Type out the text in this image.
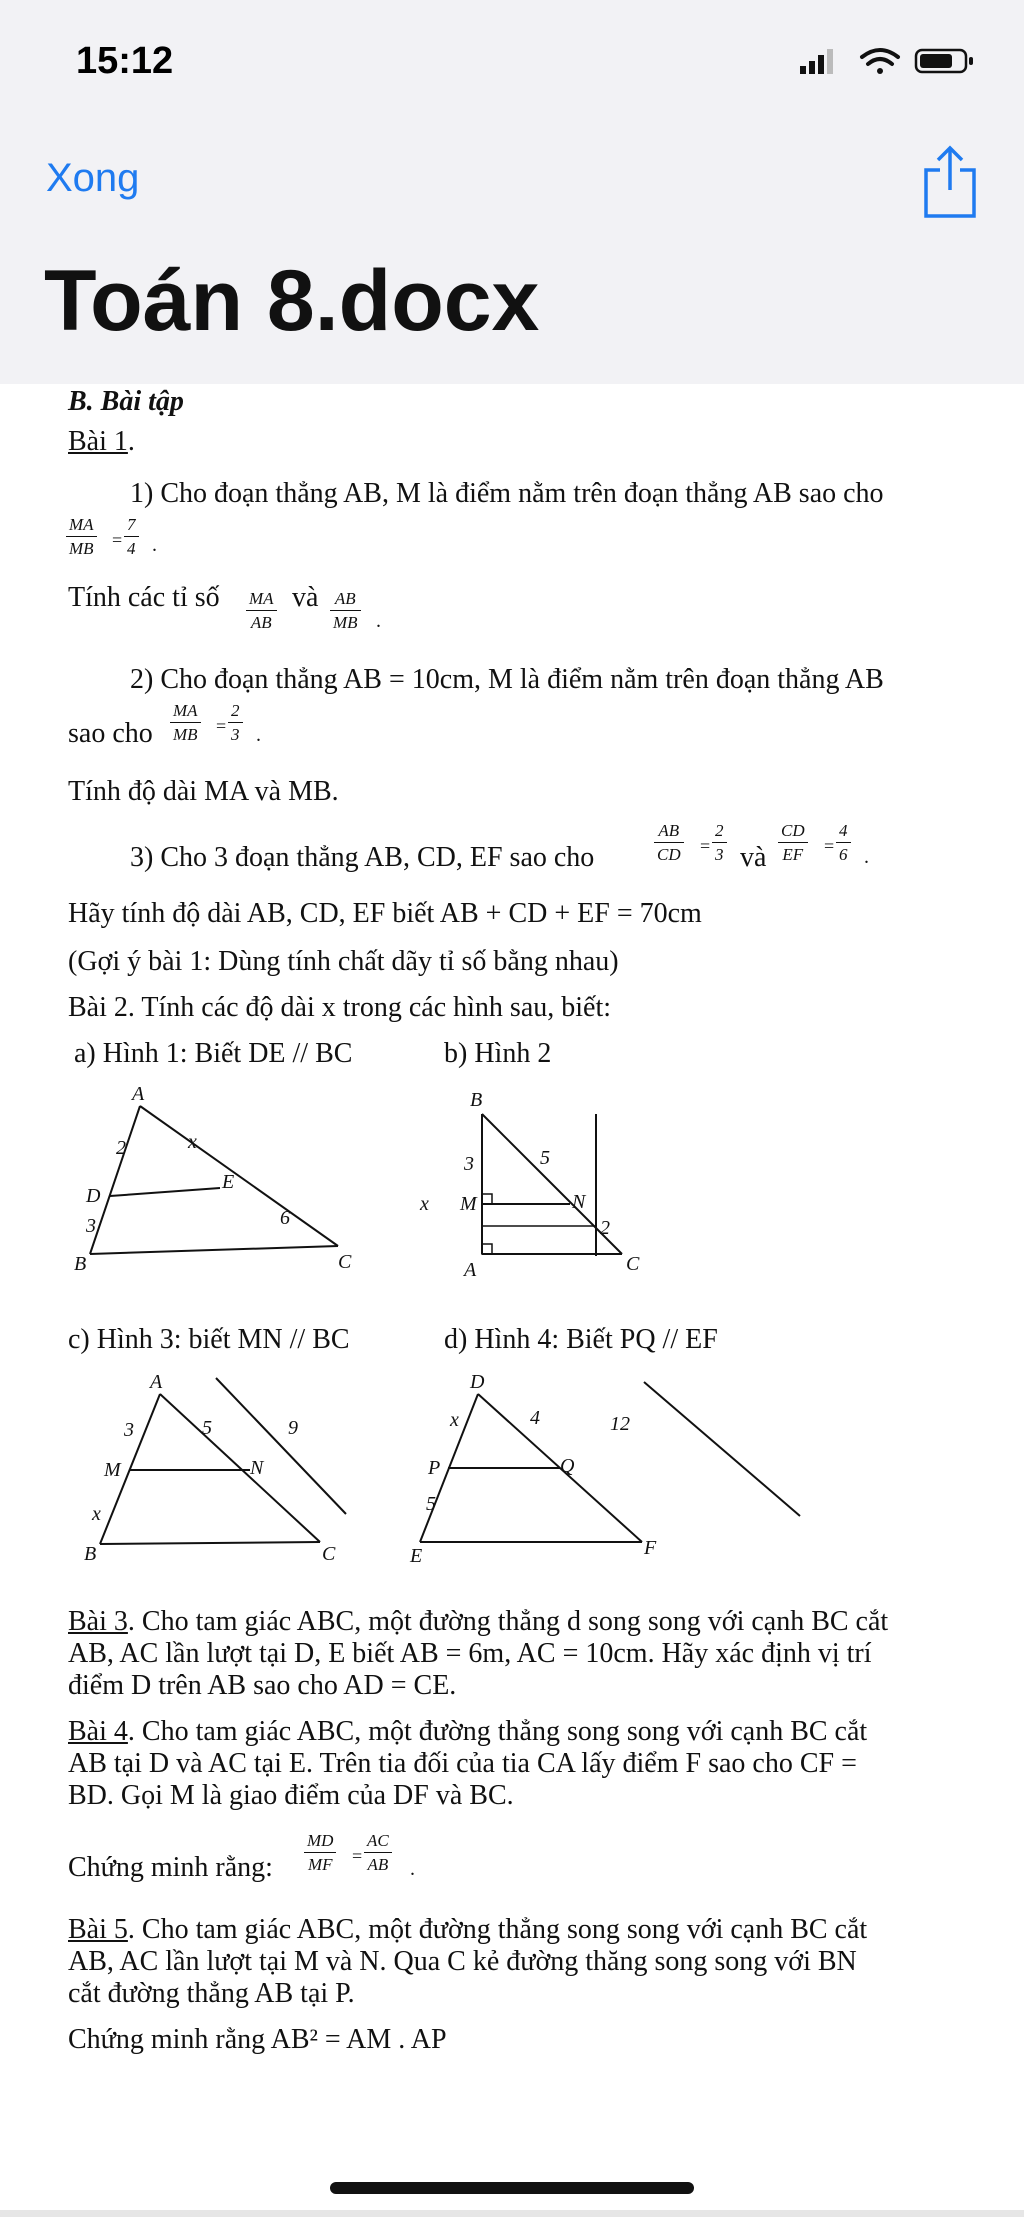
15:12
Xong
Toán 8.docx
B. Bài tập
Bài 1.
1) Cho đoạn thẳng AB, M là điểm nằm trên đoạn thẳng AB sao cho
MA
MB =
7
4 .
Tính các tỉ số MA
AB
và AB
MB .
2) Cho đoạn thẳng AB = 10cm, M là điểm nằm trên đoạn thẳng AB
sao cho
MA
MB =
2
3 .
Tính độ dài MA và MB.
3) Cho 3 đoạn thẳng AB, CD, EF sao cho
AB
CD =
2
3 và
CD
EF =
4
6 .
Hãy tính độ dài AB, CD, EF biết AB + CD + EF = 70cm
(Gợi ý bài 1: Dùng tính chất dãy tỉ số bằng nhau)
Bài 2. Tính các độ dài x trong các hình sau, biết:
a) Hình 1: Biết DE // BC	b) Hình 2
A
D
E
B	C
2	x
3	6
B
M	N
A	C
3	5
x
2
c) Hình 3: biết MN // BC	d) Hình 4: Biết PQ // EF
A
M	N
B	C
3	5	9
x
D
P	Q
E	F
x	4	12
5
Bài 3. Cho tam giác ABC, một đường thẳng d song song với cạnh BC cắt
AB, AC lần lượt tại D, E biết AB = 6m, AC = 10cm. Hãy xác định vị trí
điểm D trên AB sao cho AD = CE.
Bài 4. Cho tam giác ABC, một đường thẳng song song với cạnh BC cắt
AB tại D và AC tại E. Trên tia đối của tia CA lấy điểm F sao cho CF =
BD. Gọi M là giao điểm của DF và BC.
Chứng minh rằng:
MD
MF =
AC
AB .
Bài 5. Cho tam giác ABC, một đường thẳng song song với cạnh BC cắt
AB, AC lần lượt tại M và N. Qua C kẻ đường thăng song song với BN
cắt đường thẳng AB tại P.
Chứng minh rằng AB² = AM . AP
